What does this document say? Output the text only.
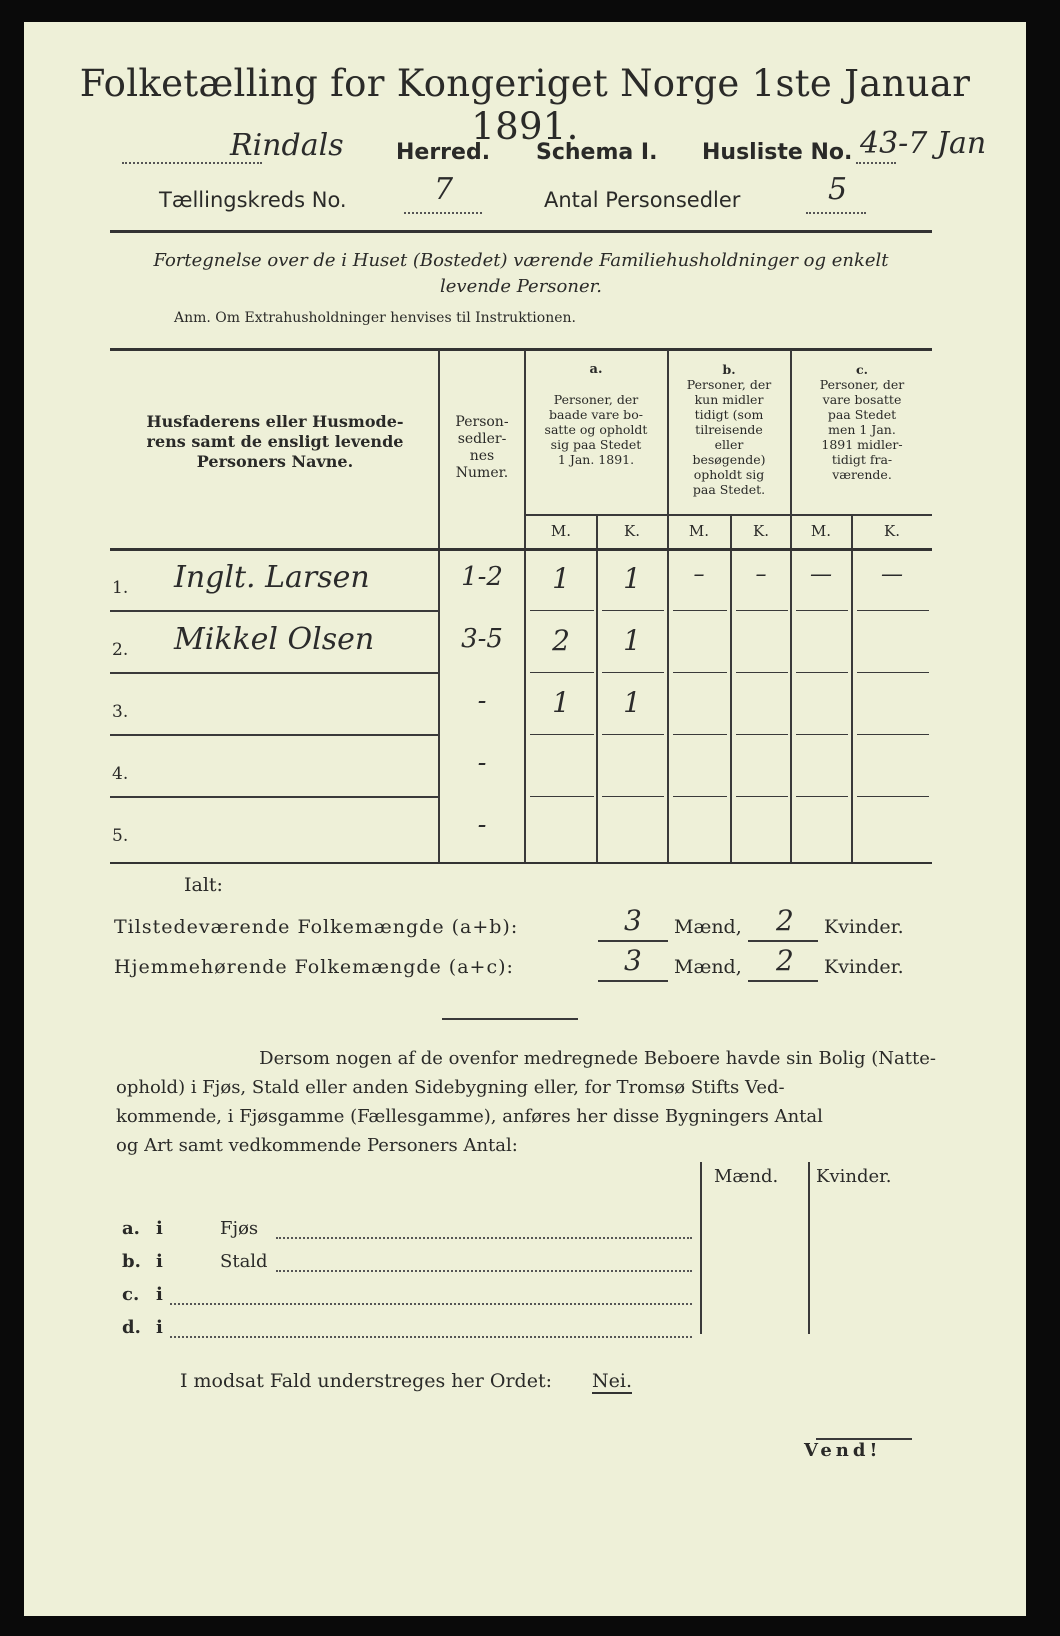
Folketælling for Kongeriget Norge 1ste Januar 1891.
Rindals Herred. Schema I. Husliste No. 43-7 Jan
Tællingskreds No.	7	Antal Personsedler	5
Fortegnelse over de i Huset (Bostedet) værende Familiehusholdninger og enkelt
levende Personer.
Anm. Om Extrahusholdninger henvises til Instruktionen.
Husfaderens eller Husmode-
rens samt de ensligt levende
Personers Navne.
Person-
sedler-
nes
Numer.
a.
Personer, der
baade vare bo-
satte og opholdt
sig paa Stedet
1 Jan. 1891.
b.
Personer, der
kun midler
tidigt (som
tilreisende
eller
besøgende)
opholdt sig
paa Stedet.
c.
Personer, der
vare bosatte
paa Stedet
men 1 Jan.
1891 midler-
tidigt fra-
værende.
M.	K.	M.	K.	M.	K.
1. Inglt. Larsen	1-2	1	1	–	–	—	—
2. Mikkel Olsen	3-5	2	1
3.	-	1	1
4.	-
5.	-
Ialt:
Tilstedeværende Folkemængde (a+b):	3 Mænd, 2 Kvinder.
Hjemmehørende Folkemængde (a+c):	3 Mænd, 2 Kvinder.
Dersom nogen af de ovenfor medregnede Beboere havde sin Bolig (Natte-
ophold) i Fjøs, Stald eller anden Sidebygning eller, for Tromsø Stifts Ved-
kommende, i Fjøsgamme (Fællesgamme), anføres her disse Bygningers Antal
og Art samt vedkommende Personers Antal:
Mænd. Kvinder.
a. i	Fjøs
b. i	Stald
c. i
d. i
I modsat Fald understreges her Ordet: Nei.
Vend!
